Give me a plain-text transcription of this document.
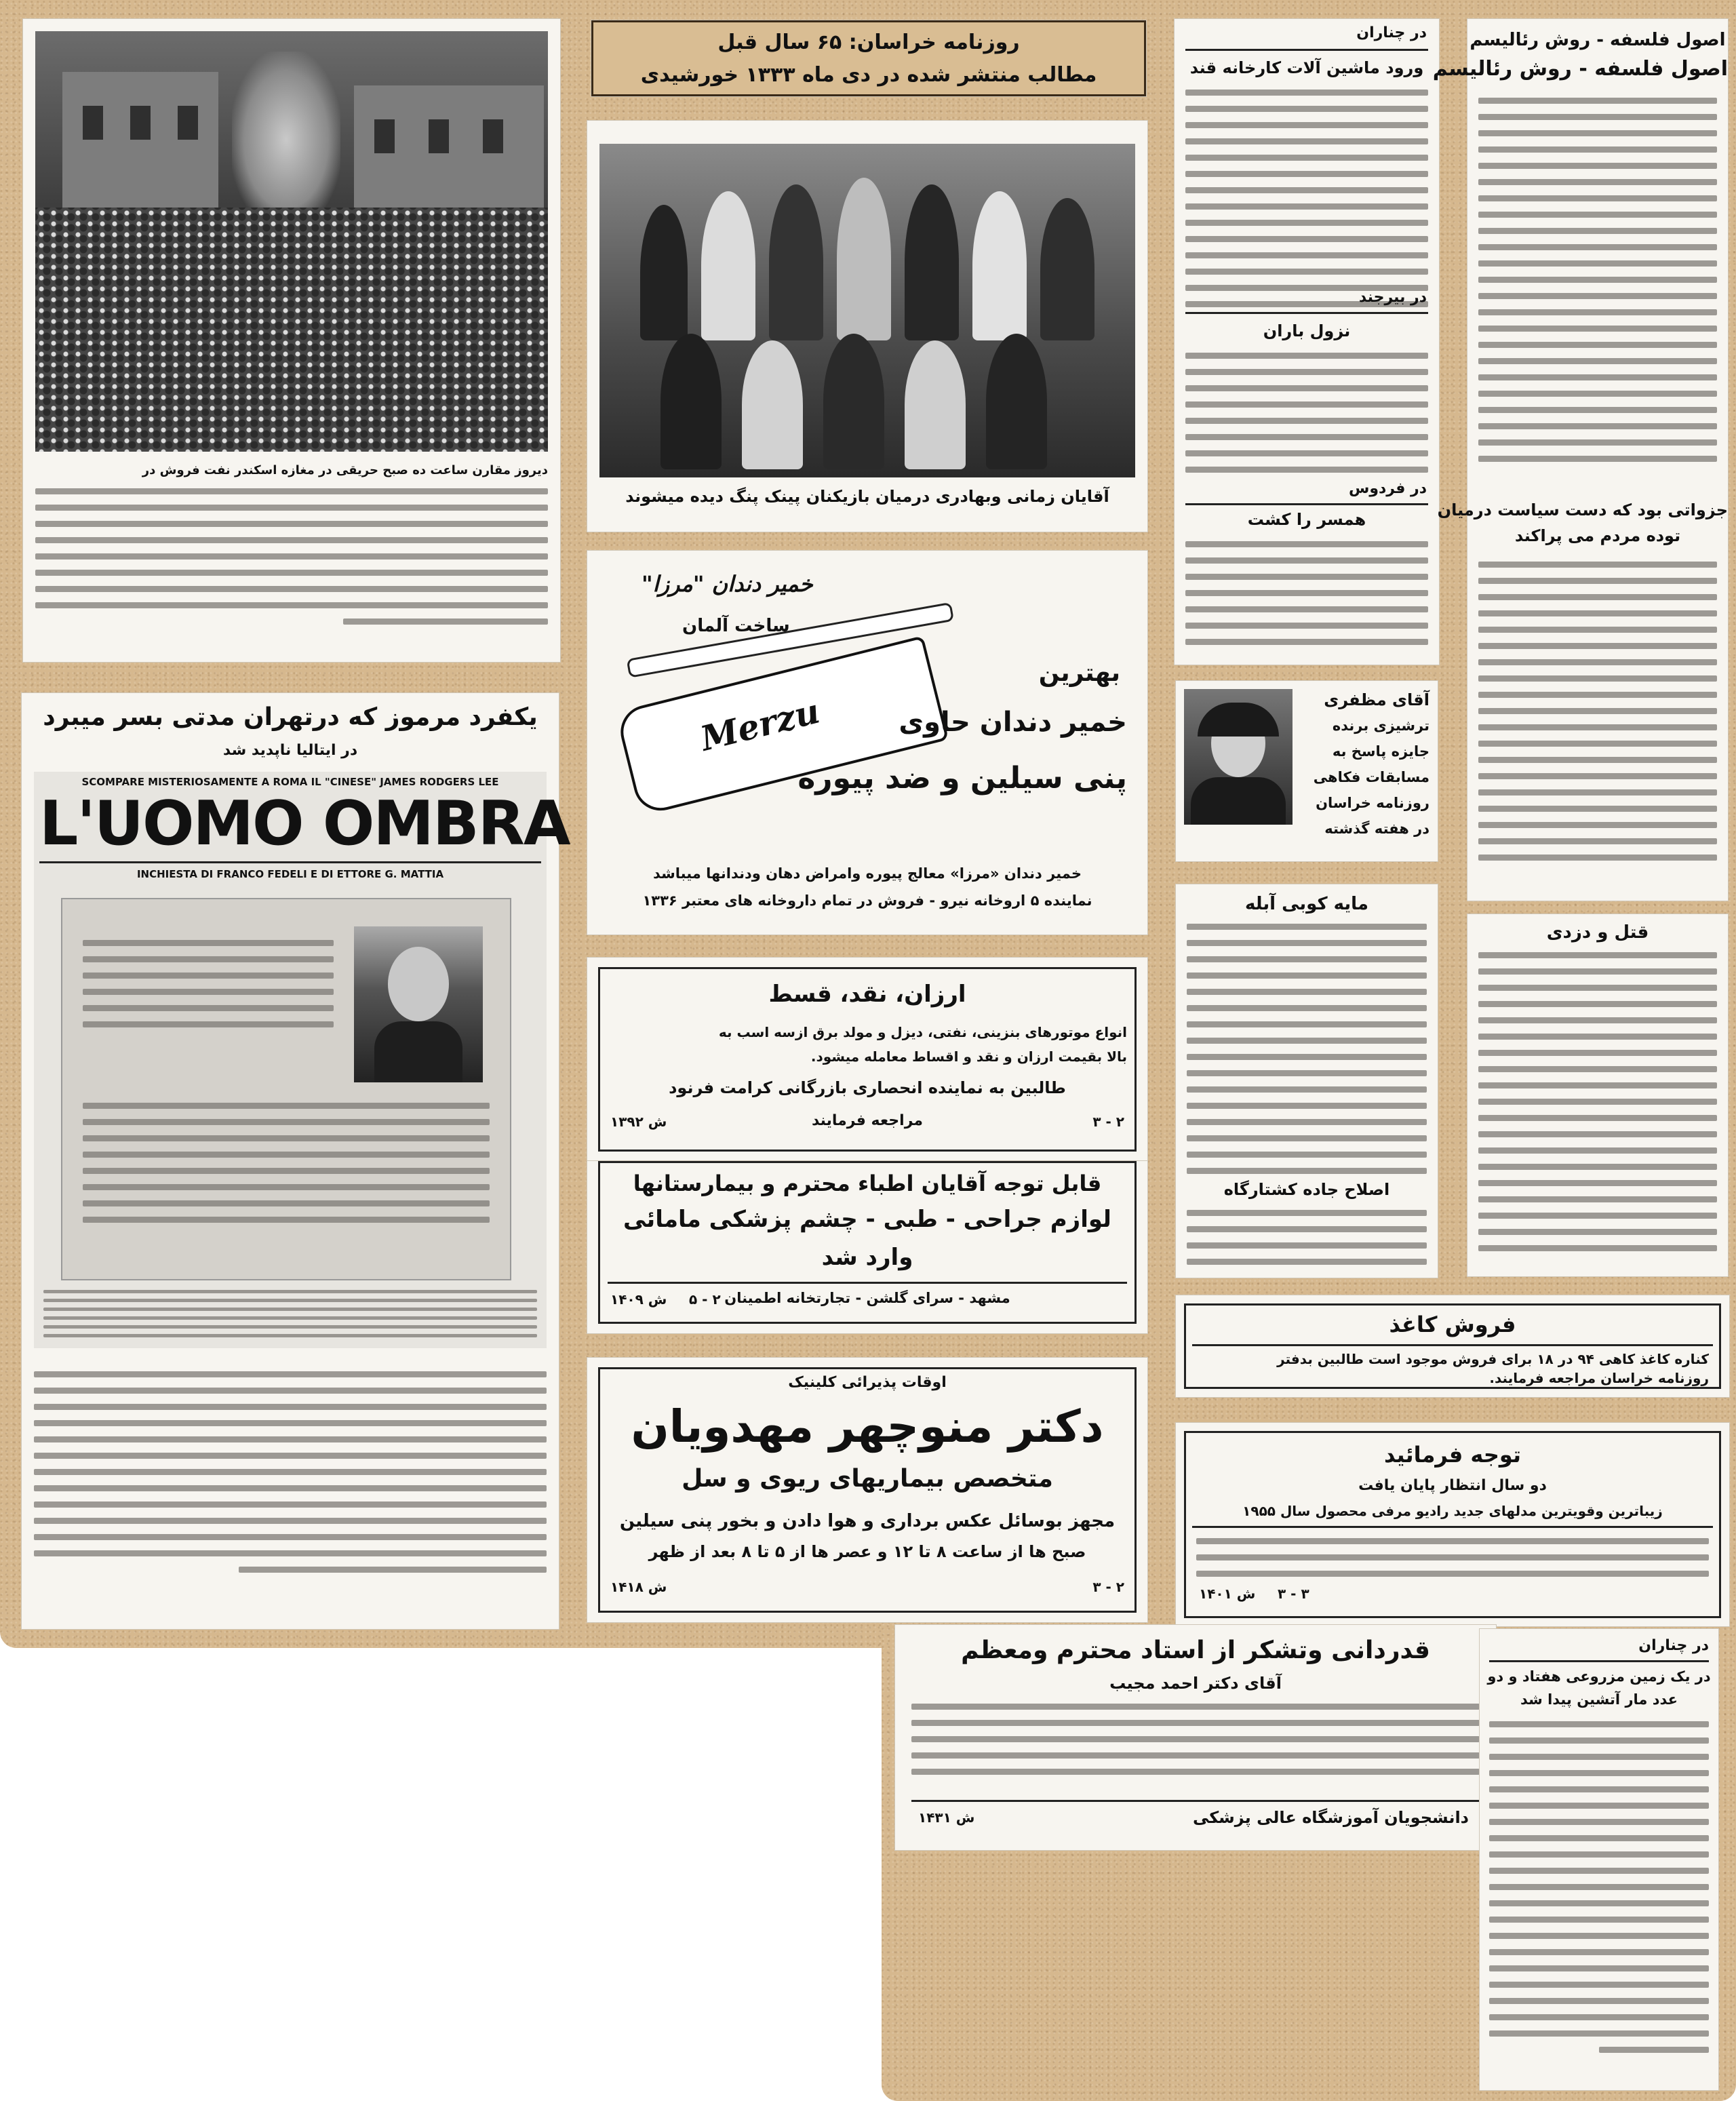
روزنامه خراسان: ۶۵ سال قبل
مطالب منتشر شده در دی ماه ۱۳۳۳ خورشیدی
دیروز مقارن ساعت ده صبح حریقی در مغازه اسکندر نفت فروش در
آقایان زمانی وبهادری درمیان بازیکنان پینک پنگ دیده میشوند
در چناران
ورود ماشین آلات کارخانه قند
در بیرجند
نزول باران
در فردوس
همسر را کشت
اصول فلسفه - روش رئالیسم
اصول فلسفه - روش رئالیسم
جزواتی بود که دست سیاست درمیان
توده مردم می پراکند
یکفرد مرموز که درتهران مدتی بسر میبرد
در ایتالیا ناپدید شد
SCOMPARE MISTERIOSAMENTE A ROMA IL "CINESE" JAMES RODGERS LEE
L'UOMO OMBRA
INCHIESTA DI FRANCO FEDELI E DI ETTORE G. MATTIA
خمیر دندان "مرزا"
ساخت آلمان
Merzu
بهترین
خمیر دندان حاوی
پنی سیلین و ضد پیوره
خمیر دندان «مرزا» معالج پیوره وامراض دهان ودندانها میباشد
نماینده ۵ اروخانه نیرو - فروش در تمام داروخانه های معتبر ۱۳۳۶
آقای مظفری
ترشیزی برنده
جایزه پاسخ به
مسابقات فکاهی
روزنامه خراسان
در هفته گذشته
مایه کوبی آبله
اصلاح جاده کشتارگاه
قتل و دزدی
ارزان، نقد، قسط
انواع موتورهای بنزینی، نفتی، دیزل و مولد برق ازسه اسب به
بالا بقیمت ارزان و نقد و اقساط معامله میشود.
طالبین به نماینده انحصاری بازرگانی کرامت فرنود
مراجعه فرمایند
ش ۱۳۹۲	۲ - ۳
قابل توجه آقایان اطباء محترم و بیمارستانها
لوازم جراحی - طبی - چشم پزشکی مامائی
وارد شد
مشهد - سرای گلشن - تجارتخانه اطمینان
ش ۱۴۰۹ ۲ - ۵
فروش کاغذ
کناره کاغذ کاهی ۹۴ در ۱۸ برای فروش موجود است طالبین بدفتر
روزنامه خراسان مراجعه فرمایند.
توجه فرمائید
دو سال انتظار پایان یافت
زیباترین وقویترین مدلهای جدید رادیو مرفی محصول سال ۱۹۵۵
ش ۱۴۰۱ ۳ - ۳
اوقات پذیرائی کلینیک
دکتر منوچهر مهدویان
متخصص بیماریهای ریوی و سل
مجهز بوسائل عکس برداری و هوا دادن و بخور پنی سیلین
صبح ها از ساعت ۸ تا ۱۲ و عصر ها از ۵ تا ۸ بعد از ظهر
ش ۱۴۱۸	۲ - ۳
قدردانی وتشکر از استاد محترم ومعظم
آقای دکتر احمد مجیب
دانشجویان آموزشگاه عالی پزشکی
ش ۱۴۳۱
در چناران
در یک زمین مزروعی هفتاد و دو
عدد مار آتشین پیدا شد
